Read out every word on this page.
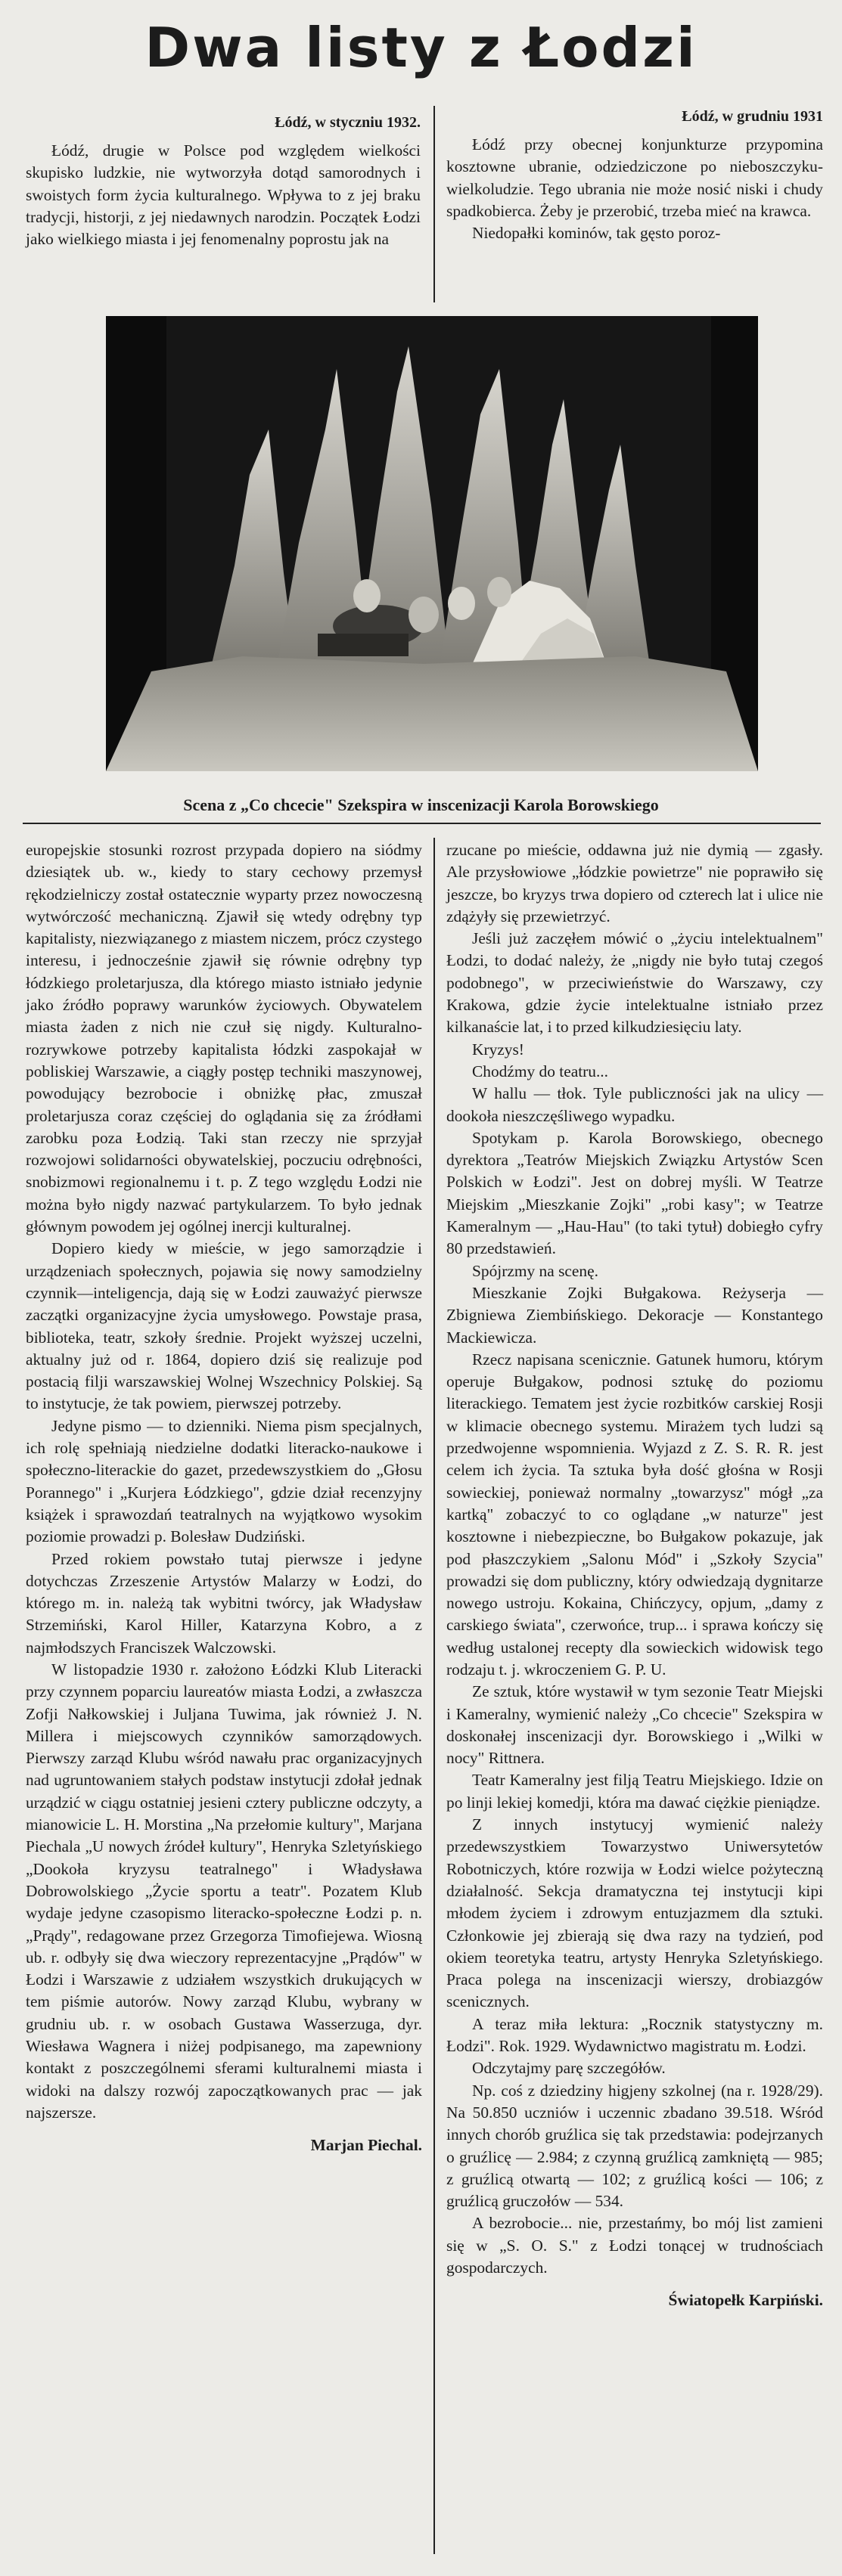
Dwa listy z Łodzi
Łódź, w styczniu 1932.

Łódź, drugie w Polsce pod względem wielkości skupisko ludzkie, nie wytworzyła dotąd samorodnych i swoistych form życia kulturalnego. Wpływa to z jej braku tradycji, historji, z jej niedawnych narodzin. Początek Łodzi jako wielkiego miasta i jej fenomenalny poprostu jak na

Łódź, w grudniu 1931

Łódź przy obecnej konjunkturze przypomina kosztowne ubranie, odziedziczone po nieboszczyku-wielkoludzie. Tego ubrania nie może nosić niski i chudy spadkobierca. Żeby je przerobić, trzeba mieć na krawca.

Niedopałki kominów, tak gęsto poroz-

Scena z „Co chcecie" Szekspira w inscenizacji Karola Borowskiego

europejskie stosunki rozrost przypada dopiero na siódmy dziesiątek ub. w., kiedy to stary cechowy przemysł rękodzielniczy został ostatecznie wyparty przez nowoczesną wytwórczość mechaniczną. Zjawił się wtedy odrębny typ kapitalisty, niezwiązanego z miastem niczem, prócz czystego interesu, i jednocześnie zjawił się równie odrębny typ łódzkiego proletarjusza, dla którego miasto istniało jedynie jako źródło poprawy warunków życiowych. Obywatelem miasta żaden z nich nie czuł się nigdy. Kulturalno-rozrywkowe potrzeby kapitalista łódzki zaspokajał w pobliskiej Warszawie, a ciągły postęp techniki maszynowej, powodujący bezrobocie i obniżkę płac, zmuszał proletarjusza coraz częściej do oglądania się za źródłami zarobku poza Łodzią. Taki stan rzeczy nie sprzyjał rozwojowi solidarności obywatelskiej, poczuciu odrębności, snobizmowi regionalnemu i t. p. Z tego względu Łodzi nie można było nigdy nazwać partykularzem. To było jednak głównym powodem jej ogólnej inercji kulturalnej.

Dopiero kiedy w mieście, w jego samorządzie i urządzeniach społecznych, pojawia się nowy samodzielny czynnik—inteligencja, dają się w Łodzi zauważyć pierwsze zaczątki organizacyjne życia umysłowego. Powstaje prasa, biblioteka, teatr, szkoły średnie. Projekt wyższej uczelni, aktualny już od r. 1864, dopiero dziś się realizuje pod postacią filji warszawskiej Wolnej Wszechnicy Polskiej. Są to instytucje, że tak powiem, pierwszej potrzeby.

Jedyne pismo — to dzienniki. Niema pism specjalnych, ich rolę spełniają niedzielne dodatki literacko-naukowe i społeczno-literackie do gazet, przedewszystkiem do „Głosu Porannego" i „Kurjera Łódzkiego", gdzie dział recenzyjny książek i sprawozdań teatralnych na wyjątkowo wysokim poziomie prowadzi p. Bolesław Dudziński.

Przed rokiem powstało tutaj pierwsze i jedyne dotychczas Zrzeszenie Artystów Malarzy w Łodzi, do którego m. in. należą tak wybitni twórcy, jak Władysław Strzemiński, Karol Hiller, Katarzyna Kobro, a z najmłodszych Franciszek Walczowski.

W listopadzie 1930 r. założono Łódzki Klub Literacki przy czynnem poparciu laureatów miasta Łodzi, a zwłaszcza Zofji Nałkowskiej i Juljana Tuwima, jak również J. N. Millera i miejscowych czynników samorządowych. Pierwszy zarząd Klubu wśród nawału prac organizacyjnych nad ugruntowaniem stałych podstaw instytucji zdołał jednak urządzić w ciągu ostatniej jesieni cztery publiczne odczyty, a mianowicie L. H. Morstina „Na przełomie kultury", Marjana Piechala „U nowych źródeł kultury", Henryka Szletyńskiego „Dookoła kryzysu teatralnego" i Władysława Dobrowolskiego „Życie sportu a teatr". Pozatem Klub wydaje jedyne czasopismo literacko-społeczne Łodzi p. n. „Prądy", redagowane przez Grzegorza Timofiejewa. Wiosną ub. r. odbyły się dwa wieczory reprezentacyjne „Prądów" w Łodzi i Warszawie z udziałem wszystkich drukujących w tem piśmie autorów. Nowy zarząd Klubu, wybrany w grudniu ub. r. w osobach Gustawa Wasserzuga, dyr. Wiesława Wagnera i niżej podpisanego, ma zapewniony kontakt z poszczególnemi sferami kulturalnemi miasta i widoki na dalszy rozwój zapoczątkowanych prac — jak najszersze.

Marjan Piechal.

rzucane po mieście, oddawna już nie dymią — zgasły. Ale przysłowiowe „łódzkie powietrze" nie poprawiło się jeszcze, bo kryzys trwa dopiero od czterech lat i ulice nie zdążyły się przewietrzyć.

Jeśli już zaczęłem mówić o „życiu intelektualnem" Łodzi, to dodać należy, że „nigdy nie było tutaj czegoś podobnego", w przeciwieństwie do Warszawy, czy Krakowa, gdzie życie intelektualne istniało przez kilkanaście lat, i to przed kilkudziesięciu laty.

Kryzys!

Chodźmy do teatru...

W hallu — tłok. Tyle publiczności jak na ulicy — dookoła nieszczęśliwego wypadku.

Spotykam p. Karola Borowskiego, obecnego dyrektora „Teatrów Miejskich Związku Artystów Scen Polskich w Łodzi". Jest on dobrej myśli. W Teatrze Miejskim „Mieszkanie Zojki" „robi kasy"; w Teatrze Kameralnym — „Hau-Hau" (to taki tytuł) dobiegło cyfry 80 przedstawień.

Spójrzmy na scenę.

Mieszkanie Zojki Bułgakowa. Reżyserja — Zbigniewa Ziembińskiego. Dekoracje — Konstantego Mackiewicza.

Rzecz napisana scenicznie. Gatunek humoru, którym operuje Bułgakow, podnosi sztukę do poziomu literackiego. Tematem jest życie rozbitków carskiej Rosji w klimacie obecnego systemu. Mirażem tych ludzi są przedwojenne wspomnienia. Wyjazd z Z. S. R. R. jest celem ich życia. Ta sztuka była dość głośna w Rosji sowieckiej, ponieważ normalny „towarzysz" mógł „za kartką" zobaczyć to co oglądane „w naturze" jest kosztowne i niebezpieczne, bo Bułgakow pokazuje, jak pod płaszczykiem „Salonu Mód" i „Szkoły Szycia" prowadzi się dom publiczny, który odwiedzają dygnitarze nowego ustroju. Kokaina, Chińczycy, opjum, „damy z carskiego świata", czerwońce, trup... i sprawa kończy się według ustalonej recepty dla sowieckich widowisk tego rodzaju t. j. wkroczeniem G. P. U.

Ze sztuk, które wystawił w tym sezonie Teatr Miejski i Kameralny, wymienić należy „Co chcecie" Szekspira w doskonałej inscenizacji dyr. Borowskiego i „Wilki w nocy" Rittnera.

Teatr Kameralny jest filją Teatru Miejskiego. Idzie on po linji lekiej komedji, która ma dawać ciężkie pieniądze.

Z innych instytucyj wymienić należy przedewszystkiem Towarzystwo Uniwersytetów Robotniczych, które rozwija w Łodzi wielce pożyteczną działalność. Sekcja dramatyczna tej instytucji kipi młodem życiem i zdrowym entuzjazmem dla sztuki. Członkowie jej zbierają się dwa razy na tydzień, pod okiem teoretyka teatru, artysty Henryka Szletyńskiego. Praca polega na inscenizacji wierszy, drobiazgów scenicznych.

A teraz miła lektura: „Rocznik statystyczny m. Łodzi". Rok. 1929. Wydawnictwo magistratu m. Łodzi.

Odczytajmy parę szczegółów.

Np. coś z dziedziny higjeny szkolnej (na r. 1928/29). Na 50.850 uczniów i uczennic zbadano 39.518. Wśród innych chorób gruźlica się tak przedstawia: podejrzanych o gruźlicę — 2.984; z czynną gruźlicą zamkniętą — 985; z gruźlicą otwartą — 102; z gruźlicą kości — 106; z gruźlicą gruczołów — 534.

A bezrobocie... nie, przestańmy, bo mój list zamieni się w „S. O. S." z Łodzi tonącej w trudnościach gospodarczych.

Światopełk Karpiński.
